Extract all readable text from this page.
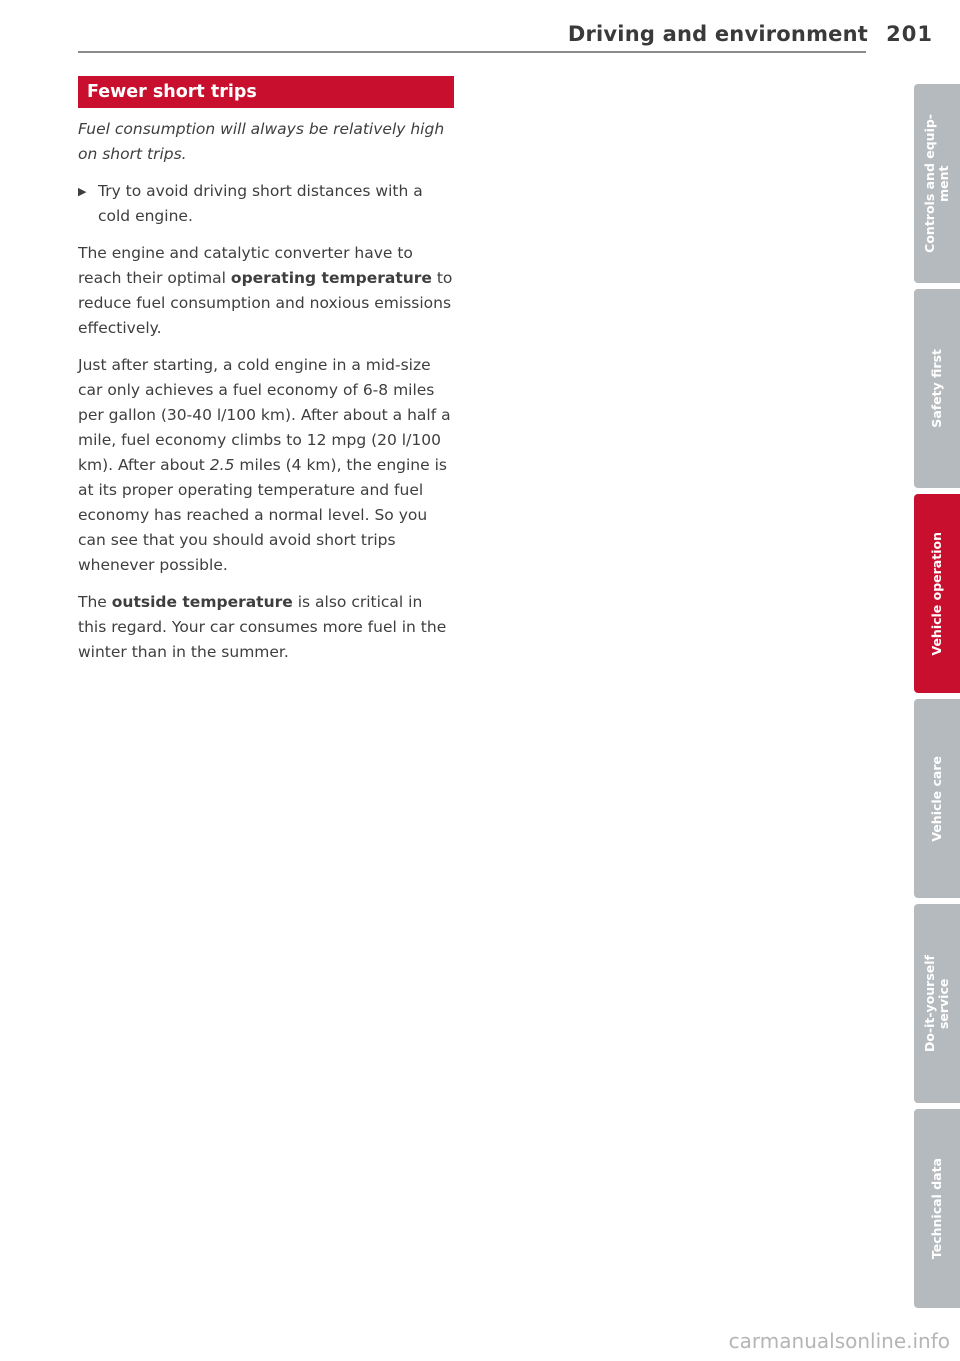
Driving and environment 201
Fewer short trips

Fuel consumption will always be relatively high on short trips.

▶ Try to avoid driving short distances with a cold engine.

The engine and catalytic converter have to reach their optimal operating temperature to reduce fuel consumption and noxious emissions effectively.

Just after starting, a cold engine in a mid-size car only achieves a fuel economy of 6-8 miles per gallon (30-40 l/100 km). After about a half a mile, fuel economy climbs to 12 mpg (20 l/100 km). After about 2.5 miles (4 km), the engine is at its proper operating temperature and fuel economy has reached a normal level. So you can see that you should avoid short trips whenever possible.

The outside temperature is also critical in this regard. Your car consumes more fuel in the winter than in the summer.

Controls and equip-
ment
Safety first
Vehicle operation
Vehicle care
Do-it-yourself
service
Technical data
carmanualsonline.info
